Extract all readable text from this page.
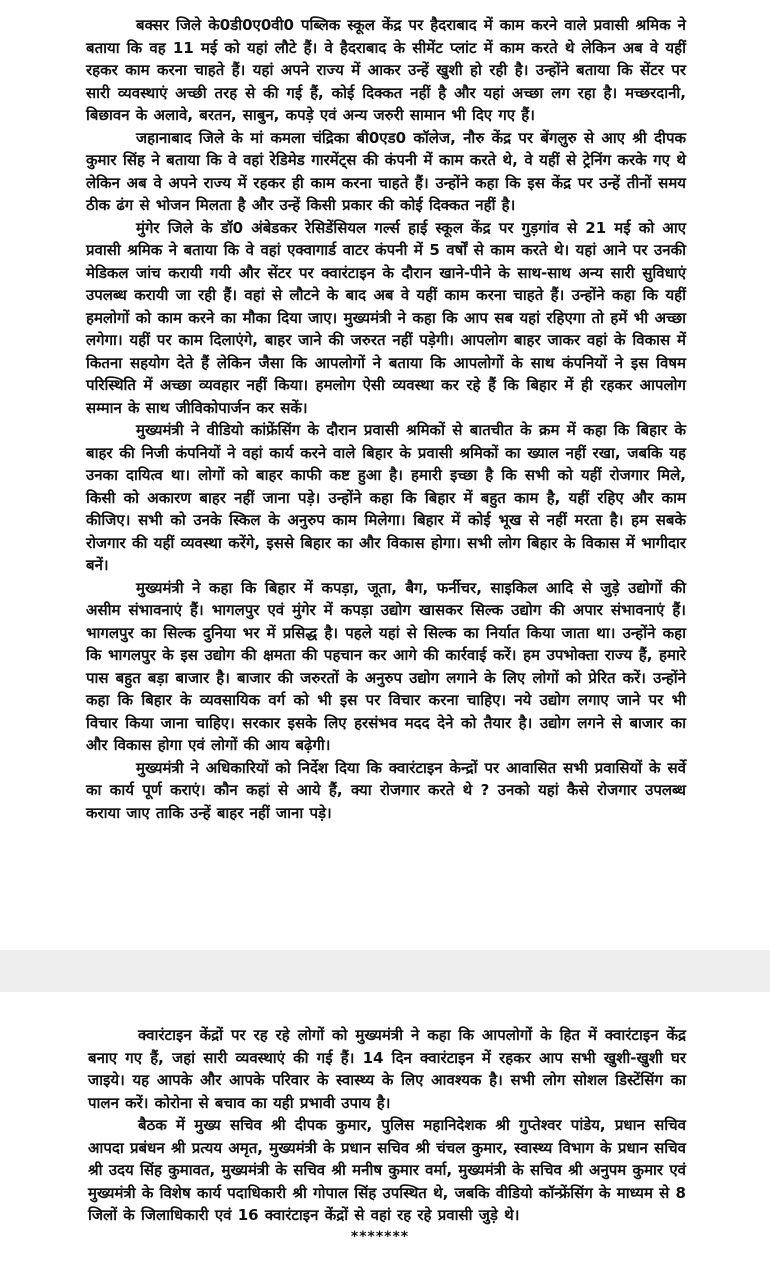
बक्सर जिले के0डी0ए0वी0 पब्लिक स्कूल केंद्र पर हैदराबाद में काम करने वाले प्रवासी श्रमिक ने बताया कि वह 11 मई को यहां लौटे हैं। वे हैदराबाद के सीमेंट प्लांट में काम करते थे लेकिन अब वे यहीं रहकर काम करना चाहते हैं। यहां अपने राज्य में आकर उन्हें खुशी हो रही है। उन्होंने बताया कि सेंटर पर सारी व्यवस्थाएं अच्छी तरह से की गई हैं, कोई दिक्कत नहीं है और यहां अच्छा लग रहा है। मच्छरदानी, बिछावन के अलावे, बरतन, साबुन, कपड़े एवं अन्य जरुरी सामान भी दिए गए हैं।

जहानाबाद जिले के मां कमला चंद्रिका बी0एड0 कॉलेज, नौरु केंद्र पर बेंगलुरु से आए श्री दीपक कुमार सिंह ने बताया कि वे वहां रेडिमेड गारमेंट्स की कंपनी में काम करते थे, वे यहीं से ट्रेनिंग करके गए थे लेकिन अब वे अपने राज्य में रहकर ही काम करना चाहते हैं। उन्होंने कहा कि इस केंद्र पर उन्हें तीनों समय ठीक ढंग से भोजन मिलता है और उन्हें किसी प्रकार की कोई दिक्कत नहीं है।

मुंगेर जिले के डॉ0 अंबेडकर रेसिडेंसियल गर्ल्स हाई स्कूल केंद्र पर गुड़गांव से 21 मई को आए प्रवासी श्रमिक ने बताया कि वे वहां एक्वागार्ड वाटर कंपनी में 5 वर्षों से काम करते थे। यहां आने पर उनकी मेडिकल जांच करायी गयी और सेंटर पर क्वारंटाइन के दौरान खाने-पीने के साथ-साथ अन्य सारी सुविधाएं उपलब्ध करायी जा रही हैं। वहां से लौटने के बाद अब वे यहीं काम करना चाहते हैं। उन्होंने कहा कि यहीं हमलोगों को काम करने का मौका दिया जाए। मुख्यमंत्री ने कहा कि आप सब यहां रहिएगा तो हमें भी अच्छा लगेगा। यहीं पर काम दिलाएंगे, बाहर जाने की जरुरत नहीं पड़ेगी। आपलोग बाहर जाकर वहां के विकास में कितना सहयोग देते हैं लेकिन जैसा कि आपलोगों ने बताया कि आपलोगों के साथ कंपनियों ने इस विषम परिस्थिति में अच्छा व्यवहार नहीं किया। हमलोग ऐसी व्यवस्था कर रहे हैं कि बिहार में ही रहकर आपलोग सम्मान के साथ जीविकोपार्जन कर सकें।

मुख्यमंत्री ने वीडियो कांफ्रेंसिंग के दौरान प्रवासी श्रमिकों से बातचीत के क्रम में कहा कि बिहार के बाहर की निजी कंपनियों ने वहां कार्य करने वाले बिहार के प्रवासी श्रमिकों का ख्याल नहीं रखा, जबकि यह उनका दायित्व था। लोगों को बाहर काफी कष्ट हुआ है। हमारी इच्छा है कि सभी को यहीं रोजगार मिले, किसी को अकारण बाहर नहीं जाना पड़े। उन्होंने कहा कि बिहार में बहुत काम है, यहीं रहिए और काम कीजिए। सभी को उनके स्किल के अनुरुप काम मिलेगा। बिहार में कोई भूख से नहीं मरता है। हम सबके रोजगार की यहीं व्यवस्था करेंगे, इससे बिहार का और विकास होगा। सभी लोग बिहार के विकास में भागीदार बनें।

मुख्यमंत्री ने कहा कि बिहार में कपड़ा, जूता, बैग, फर्नीचर, साइकिल आदि से जुड़े उद्योगों की असीम संभावनाएं हैं। भागलपुर एवं मुंगेर में कपड़ा उद्योग खासकर सिल्क उद्योग की अपार संभावनाएं हैं। भागलपुर का सिल्क दुनिया भर में प्रसिद्ध है। पहले यहां से सिल्क का निर्यात किया जाता था। उन्होंने कहा कि भागलपुर के इस उद्योग की क्षमता की पहचान कर आगे की कार्रवाई करें। हम उपभोक्ता राज्य हैं, हमारे पास बहुत बड़ा बाजार है। बाजार की जरुरतों के अनुरुप उद्योग लगाने के लिए लोगों को प्रेरित करें। उन्होंने कहा कि बिहार के व्यवसायिक वर्ग को भी इस पर विचार करना चाहिए। नये उद्योग लगाए जाने पर भी विचार किया जाना चाहिए। सरकार इसके लिए हरसंभव मदद देने को तैयार है। उद्योग लगने से बाजार का और विकास होगा एवं लोगों की आय बढ़ेगी।

मुख्यमंत्री ने अधिकारियों को निर्देश दिया कि क्वारंटाइन केन्द्रों पर आवासित सभी प्रवासियों के सर्वे का कार्य पूर्ण कराएं। कौन कहां से आये हैं, क्या रोजगार करते थे ? उनको यहां कैसे रोजगार उपलब्ध कराया जाए ताकि उन्हें बाहर नहीं जाना पड़े।

क्वारंटाइन केंद्रों पर रह रहे लोगों को मुख्यमंत्री ने कहा कि आपलोगों के हित में क्वारंटाइन केंद्र बनाए गए हैं, जहां सारी व्यवस्थाएं की गई हैं। 14 दिन क्वारंटाइन में रहकर आप सभी खुशी-खुशी घर जाइये। यह आपके और आपके परिवार के स्वास्थ्य के लिए आवश्यक है। सभी लोग सोशल डिस्टेंसिंग का पालन करें। कोरोना से बचाव का यही प्रभावी उपाय है।

बैठक में मुख्य सचिव श्री दीपक कुमार, पुलिस महानिदेशक श्री गुप्तेश्वर पांडेय, प्रधान सचिव आपदा प्रबंधन श्री प्रत्यय अमृत, मुख्यमंत्री के प्रधान सचिव श्री चंचल कुमार, स्वास्थ्य विभाग के प्रधान सचिव श्री उदय सिंह कुमावत, मुख्यमंत्री के सचिव श्री मनीष कुमार वर्मा, मुख्यमंत्री के सचिव श्री अनुपम कुमार एवं मुख्यमंत्री के विशेष कार्य पदाधिकारी श्री गोपाल सिंह उपस्थित थे, जबकि वीडियो कॉन्फ्रेंसिंग के माध्यम से 8 जिलों के जिलाधिकारी एवं 16 क्वारंटाइन केंद्रों से वहां रह रहे प्रवासी जुड़े थे।

*******
